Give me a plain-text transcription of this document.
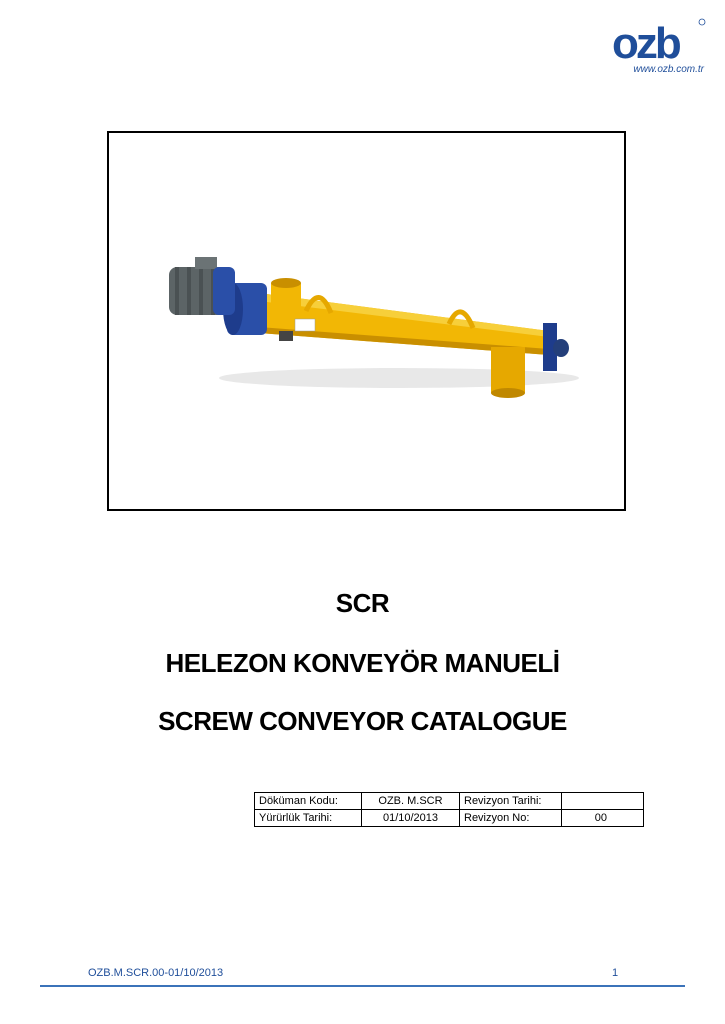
ozb
www.ozb.com.tr
SCR
HELEZON KONVEYÖR MANUELİ
SCREW CONVEYOR CATALOGUE
Döküman Kodu:	OZB. M.SCR	Revizyon Tarihi:	
Yürürlük Tarihi:	01/10/2013	Revizyon No:	00
OZB.M.SCR.00-01/10/2013	1
